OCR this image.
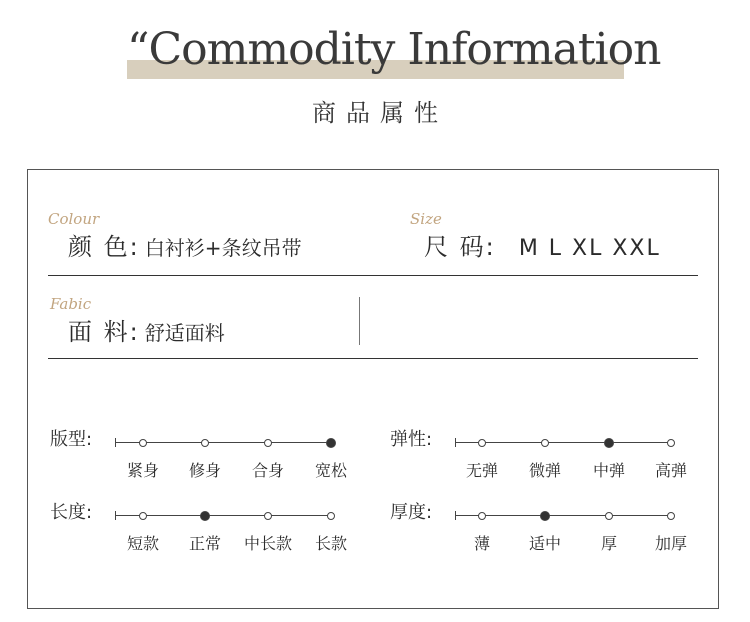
“Commodity Information
商品属性
Colour
颜 色: 白衬衫+条纹吊带
Size
尺 码: M L XL XXL
Fabic
面 料: 舒适面料
版型:
紧身	修身	合身	宽松
弹性:
无弹	微弹	中弹	高弹
长度:
短款	正常	中长款	长款
厚度:
薄	适中	厚	加厚
